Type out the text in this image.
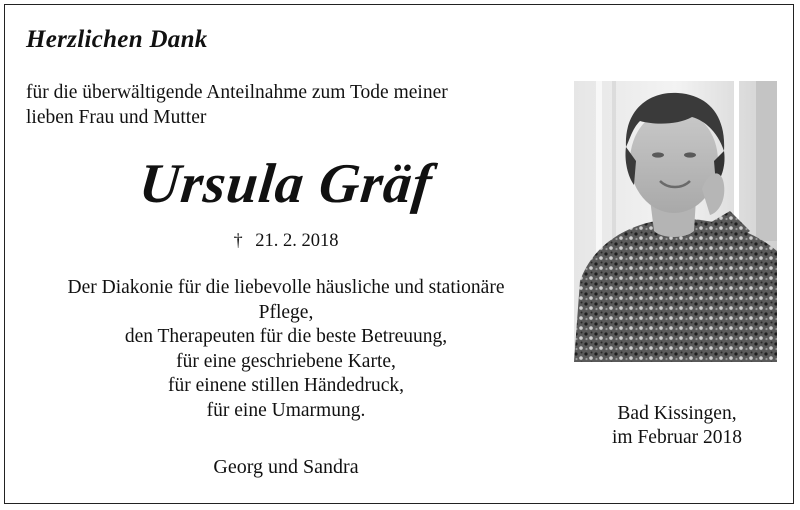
Herzlichen Dank
für die überwältigende Anteilnahme zum Tode meiner
lieben Frau und Mutter
Ursula Gräf
† 21. 2. 2018
Der Diakonie für die liebevolle häusliche und stationäre
Pflege,
den Therapeuten für die beste Betreuung,
für eine geschriebene Karte,
für einene stillen Händedruck,
für eine Umarmung.
Georg und Sandra
Bad Kissingen,
im Februar 2018
